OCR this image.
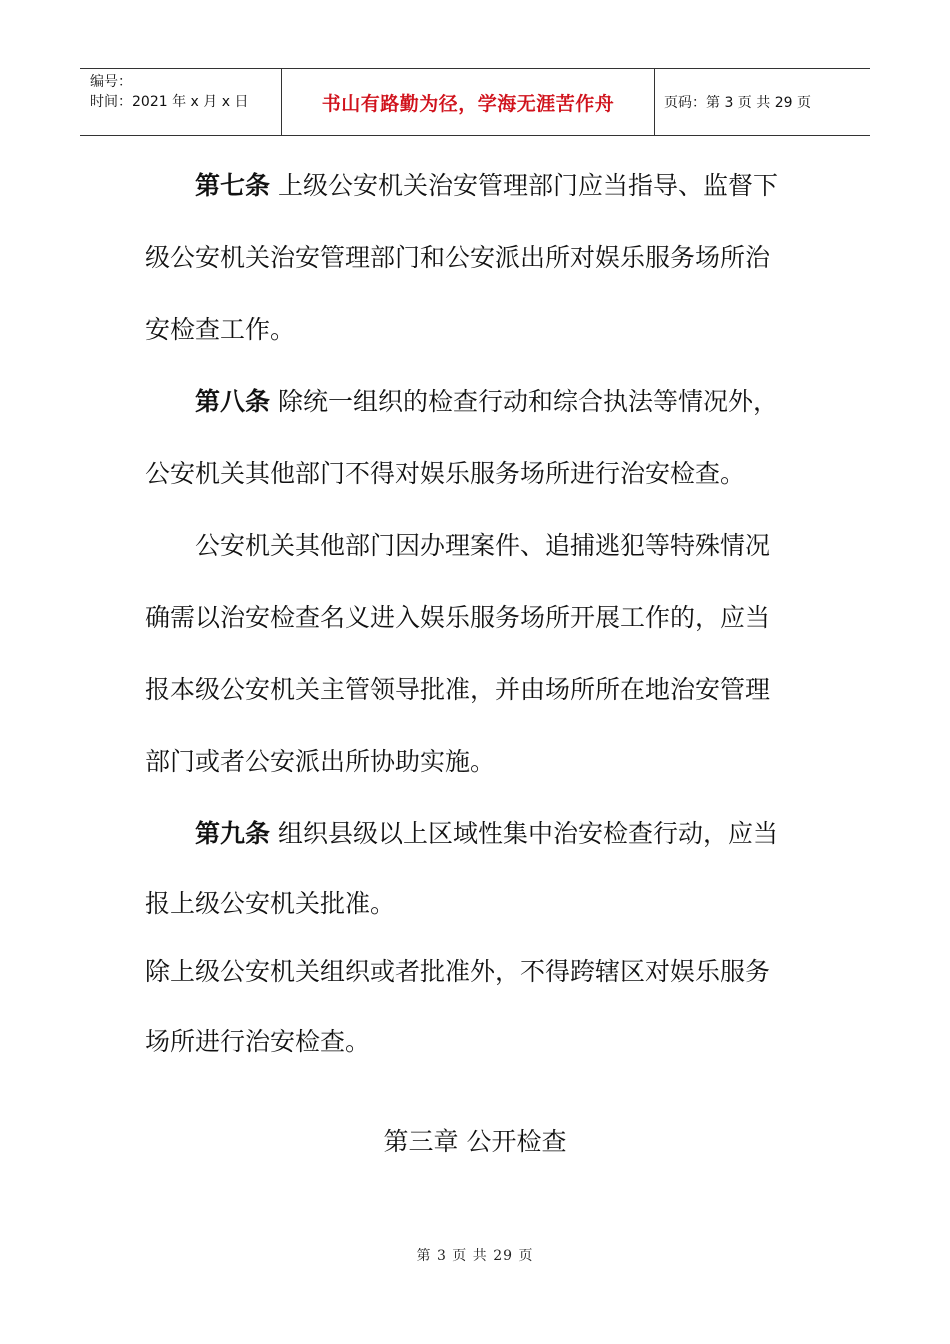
编号：
时间：2021 年 x 月 x 日	书山有路勤为径，学海无涯苦作舟	页码：第 3 页 共 29 页
第七条 上级公安机关治安管理部门应当指导、监督下
级公安机关治安管理部门和公安派出所对娱乐服务场所治
安检查工作。
第八条 除统一组织的检查行动和综合执法等情况外，
公安机关其他部门不得对娱乐服务场所进行治安检查。
公安机关其他部门因办理案件、追捕逃犯等特殊情况
确需以治安检查名义进入娱乐服务场所开展工作的，应当
报本级公安机关主管领导批准，并由场所所在地治安管理
部门或者公安派出所协助实施。
第九条 组织县级以上区域性集中治安检查行动，应当
报上级公安机关批准。
除上级公安机关组织或者批准外，不得跨辖区对娱乐服务
场所进行治安检查。
第三章 公开检查
第 3 页 共 29 页
